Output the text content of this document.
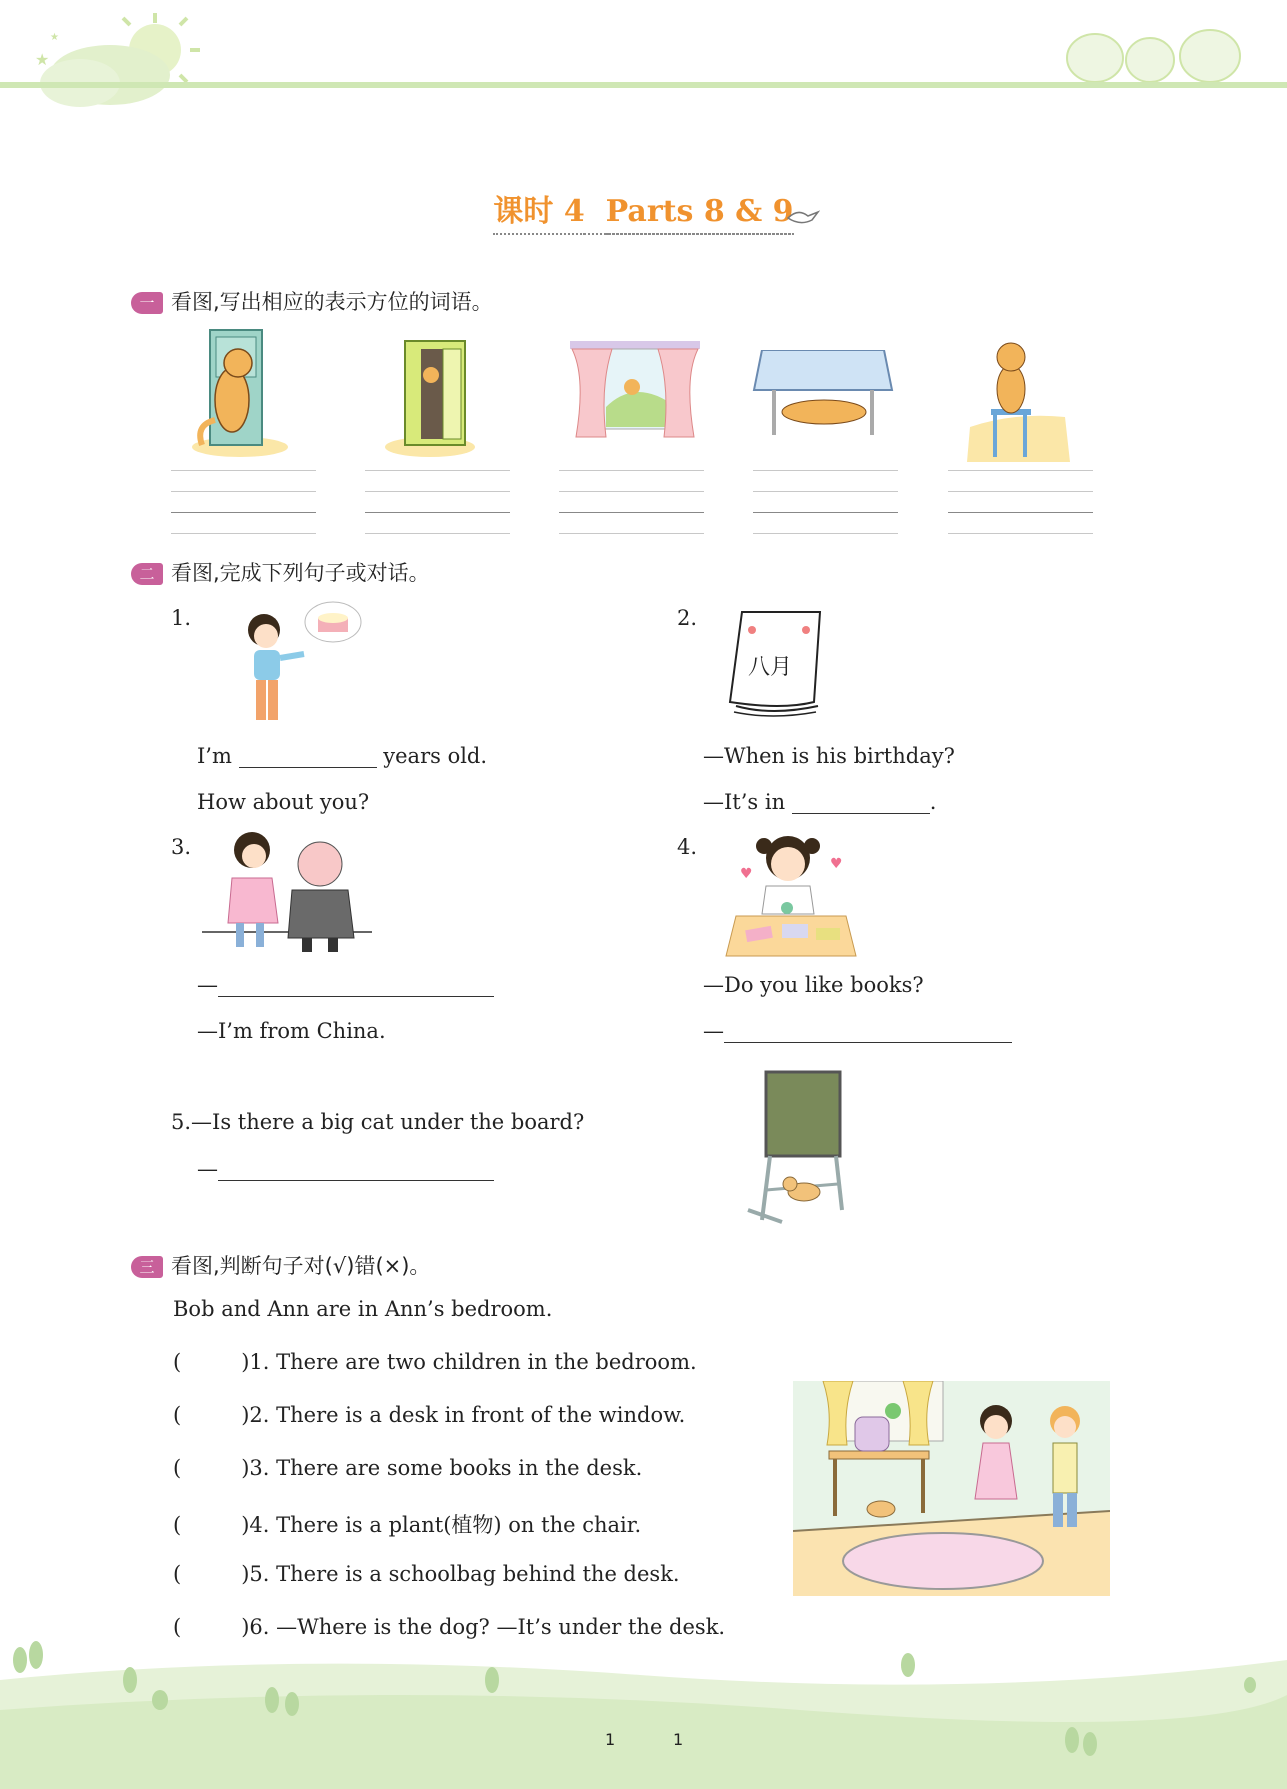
★
★
课时 4 Parts 8 & 9
一 看图,写出相应的表示方位的词语。
二 看图,完成下列句子或对话。
1.
I’m	years old.
How about you?
2.
八月
—When is his birthday?
—It’s in	.
3.
—
—I’m from China.
4.
♥
♥
—Do you like books?
—
5.—Is there a big cat under the board?
—
三 看图,判断句子对(√)错(×)。
Bob and Ann are in Ann’s bedroom.
(	)1. There are two children in the bedroom.
(	)2. There is a desk in front of the window.
(	)3. There are some books in the desk.
(	)4. There is a plant(植物) on the chair.
(	)5. There is a schoolbag behind the desk.
(	)6. —Where is the dog? —It’s under the desk.
1	1
